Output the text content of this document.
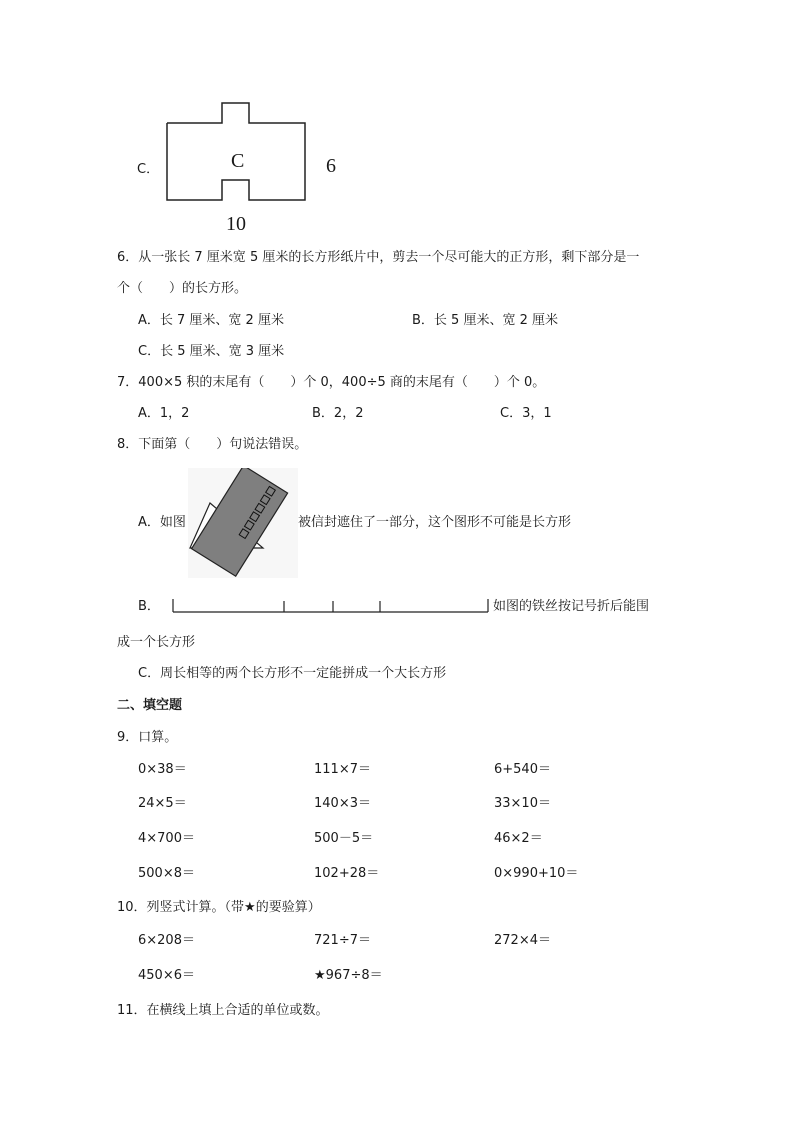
C．	C	6
10
6．从一张长 7 厘米宽 5 厘米的长方形纸片中，剪去一个尽可能大的正方形，剩下部分是一
个（　　）的长方形。
A．长 7 厘米、宽 2 厘米	B．长 5 厘米、宽 2 厘米
C．长 5 厘米、宽 3 厘米
7．400×5 积的末尾有（　　）个 0，400÷5 商的末尾有（　　）个 0。
A．1，2	B．2，2	C．3，1
8．下面第（　　）句说法错误。
A．如图	被信封遮住了一部分，这个图形不可能是长方形
B．	如图的铁丝按记号折后能围
成一个长方形
C．周长相等的两个长方形不一定能拼成一个大长方形
二、填空题
9．口算。
0×38＝	111×7＝	6+540＝
24×5＝	140×3＝	33×10＝
4×700＝	500－5＝	46×2＝
500×8＝	102+28＝	0×990+10＝
10．列竖式计算。（带★的要验算）
6×208＝	721÷7＝	272×4＝
450×6＝	★967÷8＝
11．在横线上填上合适的单位或数。
